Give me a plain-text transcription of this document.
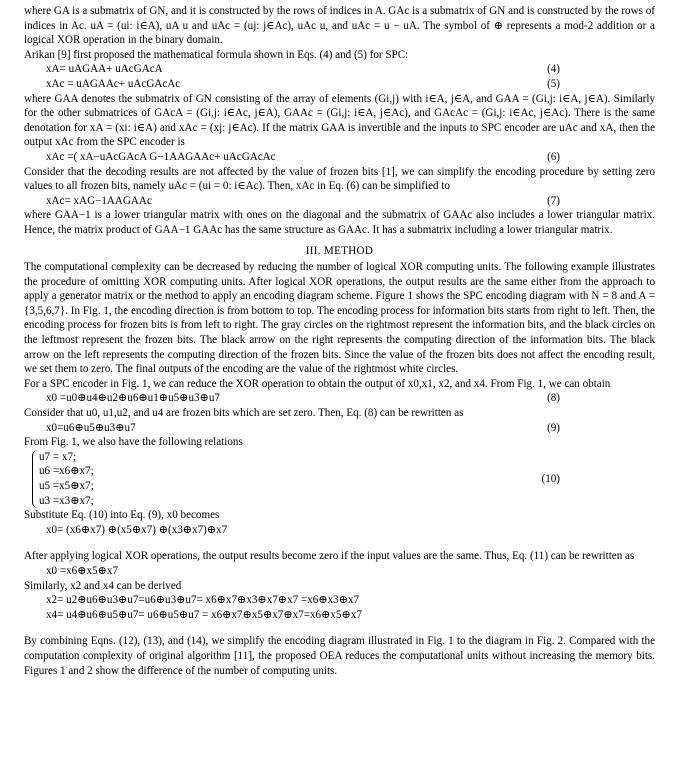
where GA is a submatrix of GN, and it is constructed by the rows of indices in A. GAc is a submatrix of GN and is constructed by the rows of indices in Ac. uA = (ui: i∈A), uA u and uAc = (uj: j∈Ac), uAc u, and uAc = u − uA. The symbol of ⊕ represents a mod-2 addition or a logical XOR operation in the binary domain.

Arikan [9] first proposed the mathematical formula shown in Eqs. (4) and (5) for SPC:

xA= uAGAA+ uAcGAcA	(4)
xAc = uAGAAc+ uAcGAcAc	(5)

where GAA denotes the submatrix of GN consisting of the array of elements (Gi,j) with i∈A, j∈A, and GAA = (Gi,j: i∈A, j∈A). Similarly for the other submatrices of GAcA = (Gi,j: i∈Ac, j∈A), GAAc = (Gi,j: i∈A, j∈Ac), and GAcAc = (Gi,j: i∈Ac, j∈Ac). There is the same denotation for xA = (xi: i∈A) and xAc = (xj: j∈Ac). If the matrix GAA is invertible and the inputs to SPC encoder are uAc and xA, then the output xAc from the SPC encoder is

xAc =( xA−uAcGAcA G−1AAGAAc+ uAcGAcAc	(6)

Consider that the decoding results are not affected by the value of frozen bits [1], we can simplify the encoding procedure by setting zero values to all frozen bits, namely uAc = (ui = 0: i∈Ac). Then, xAc in Eq. (6) can be simplified to

xAc= xAG−1AAGAAc	(7)

where GAA−1 is a lower triangular matrix with ones on the diagonal and the submatrix of GAAc also includes a lower triangular matrix. Hence, the matrix product of GAA−1 GAAc has the same structure as GAAc. It has a submatrix including a lower triangular matrix.

III. METHOD

The computational complexity can be decreased by reducing the number of logical XOR computing units. The following example illustrates the procedure of omitting XOR computing units. After logical XOR operations, the output results are the same either from the approach to apply a generator matrix or the method to apply an encoding diagram scheme. Figure 1 shows the SPC encoding diagram with N = 8 and A = {3,5,6,7}. In Fig. 1, the encoding direction is from bottom to top. The encoding process for information bits starts from right to left. Then, the encoding process for frozen bits is from left to right. The gray circles on the rightmost represent the information bits, and the black circles on the leftmost represent the frozen bits. The black arrow on the right represents the computing direction of the information bits. The black arrow on the left represents the computing direction of the frozen bits. Since the value of the frozen bits does not affect the encoding result, we set them to zero. The final outputs of the encoding are the value of the rightmost white circles.

For a SPC encoder in Fig. 1, we can reduce the XOR operation to obtain the output of x0,x1, x2, and x4. From Fig. 1, we can obtain

x0 =u0⊕u4⊕u2⊕u6⊕u1⊕u5⊕u3⊕u7	(8)

Consider that u0, u1,u2, and u4 are frozen bits which are set zero. Then, Eq. (8) can be rewritten as

x0=u6⊕u5⊕u3⊕u7	(9)

From Fig. 1, we also have the following relations

u7 = x7;
u6 =x6⊕x7;
u5 =x5⊕x7;
u3 =x3⊕x7;
(10)

Substitute Eq. (10) into Eq. (9), x0 becomes

x0= (x6⊕x7) ⊕(x5⊕x7) ⊕(x3⊕x7)⊕x7

After applying logical XOR operations, the output results become zero if the input values are the same. Thus, Eq. (11) can be rewritten as

x0 =x6⊕x5⊕x7

Similarly, x2 and x4 can be derived

x2= u2⊕u6⊕u3⊕u7=u6⊕u3⊕u7= x6⊕x7⊕x3⊕x7⊕x7 =x6⊕x3⊕x7
x4= u4⊕u6⊕u5⊕u7= u6⊕u5⊕u7 = x6⊕x7⊕x5⊕x7⊕x7=x6⊕x5⊕x7

By combining Eqns. (12), (13), and (14), we simplify the encoding diagram illustrated in Fig. 1 to the diagram in Fig. 2. Compared with the computation complexity of original algorithm [11], the proposed OEA reduces the computational units without increasing the memory bits. Figures 1 and 2 show the difference of the number of computing units.
